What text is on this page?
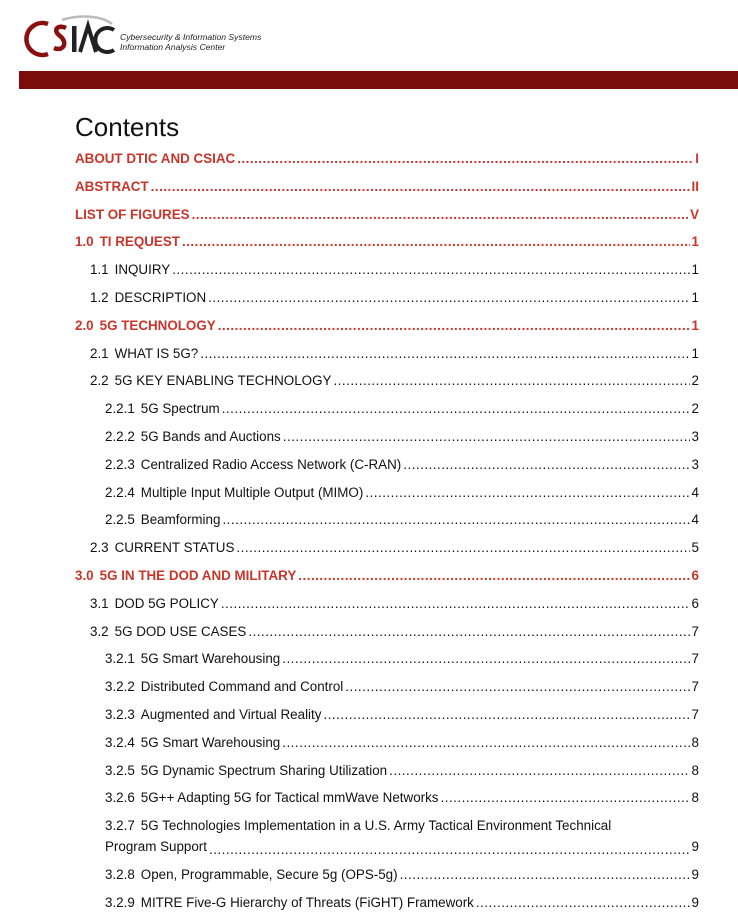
Cybersecurity & Information Systems
Information Analysis Center
Contents
ABOUT DTIC AND CSIAC .....	I
ABSTRACT .....	II
LIST OF FIGURES .....	V
1.0 TI REQUEST .....	1
1.1 INQUIRY .....	1
1.2 DESCRIPTION .....	1
2.0 5G TECHNOLOGY .....	1
2.1 WHAT IS 5G? .....	1
2.2 5G KEY ENABLING TECHNOLOGY .....	2
2.2.1 5G Spectrum .....	2
2.2.2 5G Bands and Auctions .....	3
2.2.3 Centralized Radio Access Network (C-RAN) .....	3
2.2.4 Multiple Input Multiple Output (MIMO) .....	4
2.2.5 Beamforming .....	4
2.3 CURRENT STATUS .....	5
3.0 5G IN THE DOD AND MILITARY .....	6
3.1 DOD 5G POLICY .....	6
3.2 5G DOD USE CASES .....	7
3.2.1 5G Smart Warehousing .....	7
3.2.2 Distributed Command and Control .....	7
3.2.3 Augmented and Virtual Reality .....	7
3.2.4 5G Smart Warehousing .....	8
3.2.5 5G Dynamic Spectrum Sharing Utilization .....	8
3.2.6 5G++ Adapting 5G for Tactical mmWave Networks .....	8
3.2.7 5G Technologies Implementation in a U.S. Army Tactical Environment Technical
Program Support .....	9
3.2.8 Open, Programmable, Secure 5g (OPS-5g) .....	9
3.2.9 MITRE Five-G Hierarchy of Threats (FiGHT) Framework .....	9
